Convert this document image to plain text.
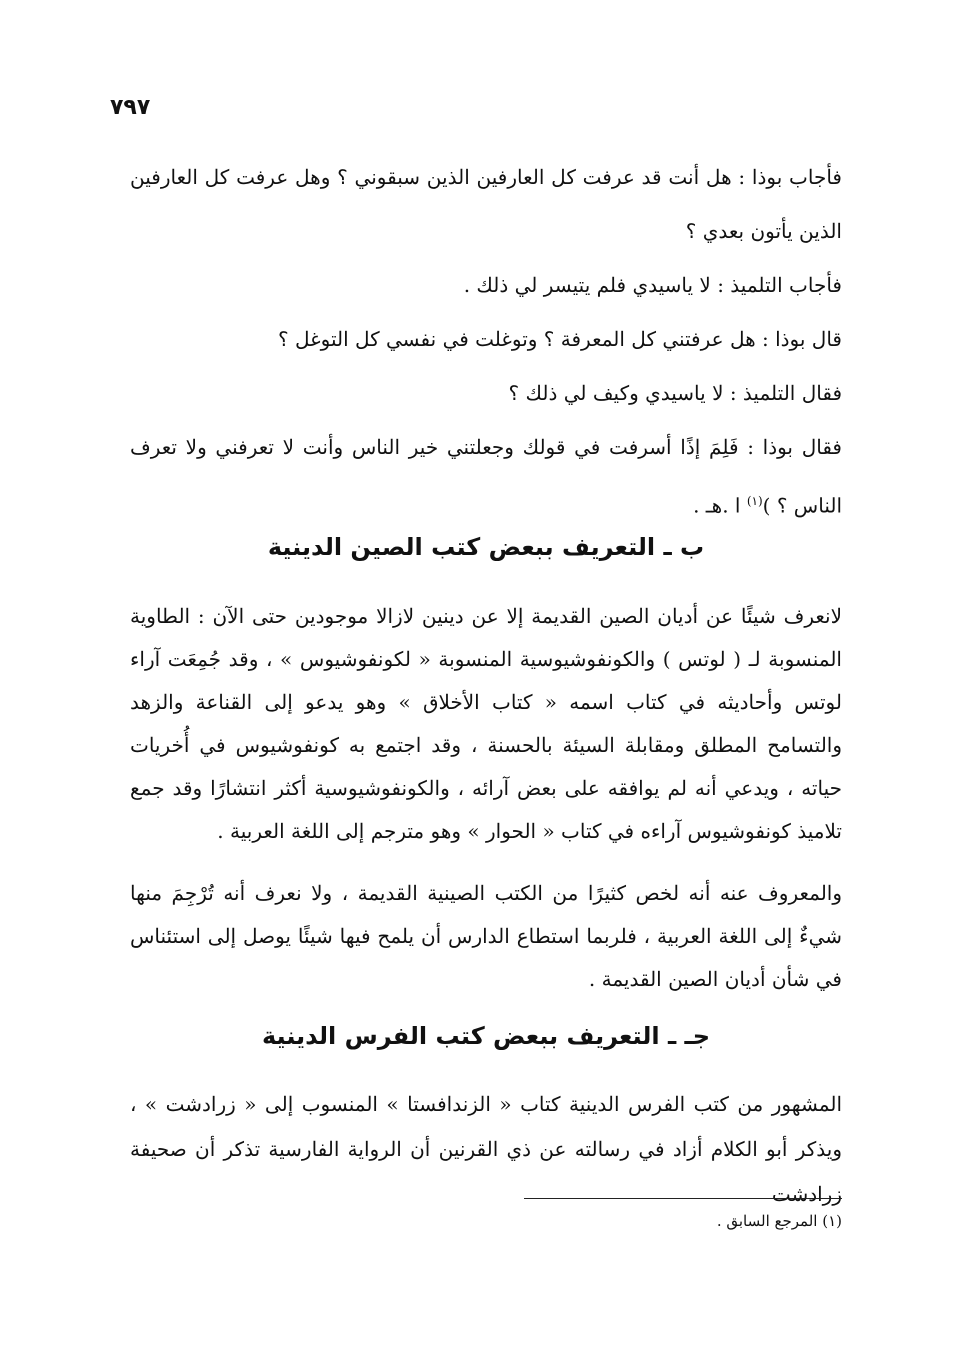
٧٩٧

فأجاب بوذا : هل أنت قد عرفت كل العارفين الذين سبقوني ؟ وهل عرفت كل العارفين الذين يأتون بعدي ؟

فأجاب التلميذ : لا ياسيدي فلم يتيسر لي ذلك .

قال بوذا : هل عرفتني كل المعرفة ؟ وتوغلت في نفسي كل التوغل ؟

فقال التلميذ : لا ياسيدي وكيف لي ذلك ؟

فقال بوذا : فَلِمَ إذًا أسرفت في قولك وجعلتني خير الناس وأنت لا تعرفني ولا تعرف الناس ؟ )$^{(١)}$ ا .هـ .

ب ـ التعريف ببعض كتب الصين الدينية

لانعرف شيئًا عن أديان الصين القديمة إلا عن دينين لازالا موجودين حتى الآن : الطاوية المنسوبة لـ ( لوتس ) والكونفوشيوسية المنسوبة « لكونفوشيوس » ، وقد جُمِعَت آراء لوتس وأحاديثه في كتاب اسمه « كتاب الأخلاق » وهو يدعو إلى القناعة والزهد والتسامح المطلق ومقابلة السيئة بالحسنة ، وقد اجتمع به كونفوشيوس في أُخريات حياته ، ويدعي أنه لم يوافقه على بعض آرائه ، والكونفوشيوسية أكثر انتشارًا وقد جمع تلاميذ كونفوشيوس آراءه في كتاب « الحوار » وهو مترجم إلى اللغة العربية .

والمعروف عنه أنه لخص كثيرًا من الكتب الصينية القديمة ، ولا نعرف أنه تُرْجِمَ منها شيءٌ إلى اللغة العربية ، فلربما استطاع الدارس أن يلمح فيها شيئًا يوصل إلى استئناس في شأن أديان الصين القديمة .

جـ ـ التعريف ببعض كتب الفرس الدينية

المشهور من كتب الفرس الدينية كتاب « الزندافستا » المنسوب إلى « زرادشت » ، ويذكر أبو الكلام أزاد في رسالته عن ذي القرنين أن الرواية الفارسية تذكر أن صحيفة زرادشت

(١) المرجع السابق .
